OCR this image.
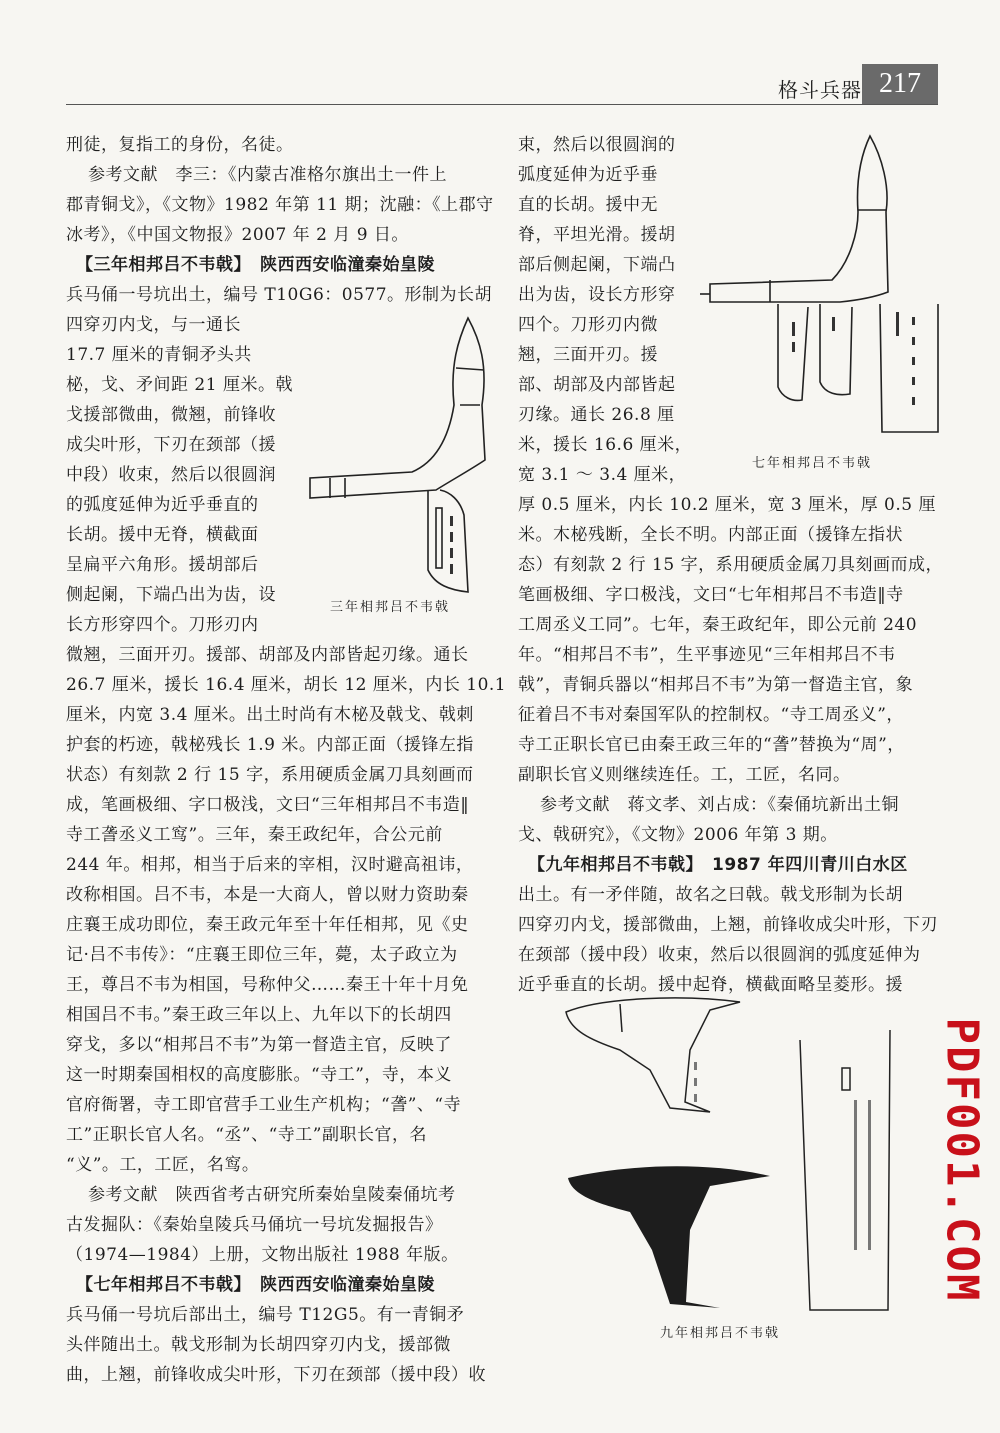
格斗兵器 217
刑徒，复指工的身份，名徒。
参考文献　李三：《内蒙古准格尔旗出土一件上
郡青铜戈》，《文物》1982 年第 11 期；沈融：《上郡守
冰考》，《中国文物报》2007 年 2 月 9 日。
【三年相邦吕不韦戟】　陕西西安临潼秦始皇陵
兵马俑一号坑出土，编号 T10G6：0577。形制为长胡
四穿刃内戈，与一通长
17.7 厘米的青铜矛头共
柲，戈、矛间距 21 厘米。戟
戈援部微曲，微翘，前锋收
成尖叶形，下刃在颈部（援
中段）收束，然后以很圆润
的弧度延伸为近乎垂直的
长胡。援中无脊，横截面
呈扁平六角形。援胡部后
侧起阑，下端凸出为齿，设
长方形穿四个。刀形刃内
微翘，三面开刃。援部、胡部及内部皆起刃缘。通长
26.7 厘米，援长 16.4 厘米，胡长 12 厘米，内长 10.1
厘米，内宽 3.4 厘米。出土时尚有木柲及戟戈、戟刺
护套的朽迹，戟柲残长 1.9 米。内部正面（援锋左指
状态）有刻款 2 行 15 字，系用硬质金属刀具刻画而
成，笔画极细、字口极浅，文曰“三年相邦吕不韦造‖
寺工詟丞义工窎”。三年，秦王政纪年，合公元前
244 年。相邦，相当于后来的宰相，汉时避高祖讳，
改称相国。吕不韦，本是一大商人，曾以财力资助秦
庄襄王成功即位，秦王政元年至十年任相邦，见《史
记·吕不韦传》：“庄襄王即位三年，薨，太子政立为
王，尊吕不韦为相国，号称仲父……秦王十年十月免
相国吕不韦。”秦王政三年以上、九年以下的长胡四
穿戈，多以“相邦吕不韦”为第一督造主官，反映了
这一时期秦国相权的高度膨胀。“寺工”，寺，本义
官府衙署，寺工即官营手工业生产机构；“詟”、“寺
工”正职长官人名。“丞”、“寺工”副职长官，名
“义”。工，工匠，名窎。
参考文献　陕西省考古研究所秦始皇陵秦俑坑考
古发掘队：《秦始皇陵兵马俑坑一号坑发掘报告》
（1974—1984）上册，文物出版社 1988 年版。
【七年相邦吕不韦戟】　陕西西安临潼秦始皇陵
兵马俑一号坑后部出土，编号 T12G5。有一青铜矛
头伴随出土。戟戈形制为长胡四穿刃内戈，援部微
曲，上翘，前锋收成尖叶形，下刃在颈部（援中段）收
三年相邦吕不韦戟
束，然后以很圆润的
弧度延伸为近乎垂
直的长胡。援中无
脊，平坦光滑。援胡
部后侧起阑，下端凸
出为齿，设长方形穿
四个。刀形刃内微
翘，三面开刃。援
部、胡部及内部皆起
刃缘。通长 26.8 厘
米，援长 16.6 厘米，
宽 3.1 ～ 3.4 厘米，
厚 0.5 厘米，内长 10.2 厘米，宽 3 厘米，厚 0.5 厘
米。木柲残断，全长不明。内部正面（援锋左指状
态）有刻款 2 行 15 字，系用硬质金属刀具刻画而成，
笔画极细、字口极浅，文曰“七年相邦吕不韦造‖寺
工周丞义工同”。七年，秦王政纪年，即公元前 240
年。“相邦吕不韦”，生平事迹见“三年相邦吕不韦
戟”，青铜兵器以“相邦吕不韦”为第一督造主官，象
征着吕不韦对秦国军队的控制权。“寺工周丞义”，
寺工正职长官已由秦王政三年的“詟”替换为“周”，
副职长官义则继续连任。工，工匠，名同。
参考文献　蒋文孝、刘占成：《秦俑坑新出土铜
戈、戟研究》，《文物》2006 年第 3 期。
【九年相邦吕不韦戟】　1987 年四川青川白水区
出土。有一矛伴随，故名之曰戟。戟戈形制为长胡
四穿刃内戈，援部微曲，上翘，前锋收成尖叶形，下刃
在颈部（援中段）收束，然后以很圆润的弧度延伸为
近乎垂直的长胡。援中起脊，横截面略呈菱形。援
七年相邦吕不韦戟
九年相邦吕不韦戟
PDF001.COM
